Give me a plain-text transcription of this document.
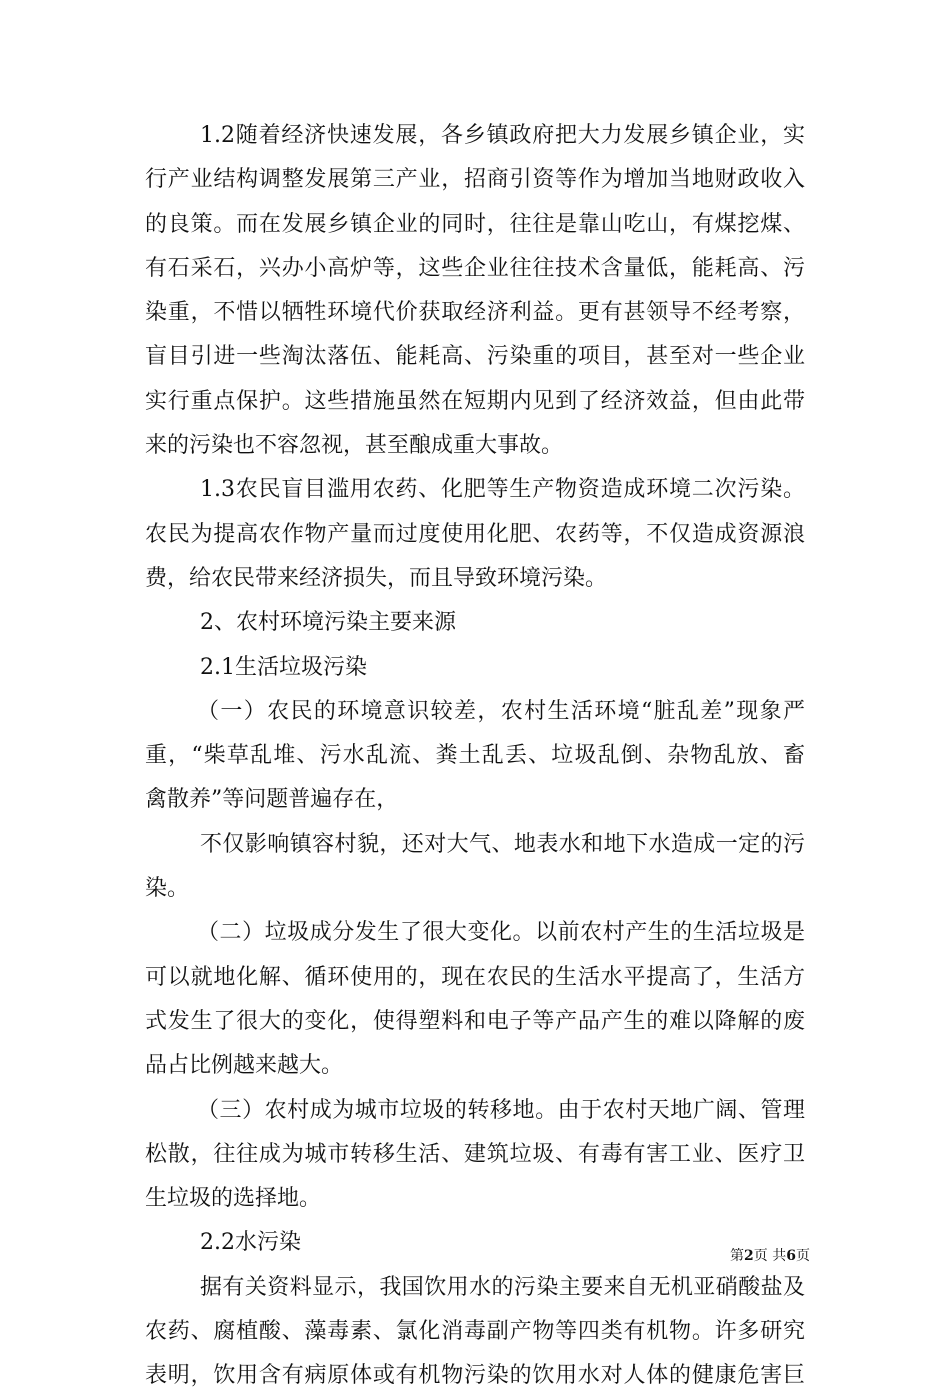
1.2随着经济快速发展，各乡镇政府把大力发展乡镇企业，实
行产业结构调整发展第三产业，招商引资等作为增加当地财政收入
的良策。而在发展乡镇企业的同时，往往是靠山吃山，有煤挖煤、
有石采石，兴办小高炉等，这些企业往往技术含量低，能耗高、污
染重，不惜以牺牲环境代价获取经济利益。更有甚领导不经考察，
盲目引进一些淘汰落伍、能耗高、污染重的项目，甚至对一些企业
实行重点保护。这些措施虽然在短期内见到了经济效益，但由此带
来的污染也不容忽视，甚至酿成重大事故。
1.3农民盲目滥用农药、化肥等生产物资造成环境二次污染。
农民为提高农作物产量而过度使用化肥、农药等，不仅造成资源浪
费，给农民带来经济损失，而且导致环境污染。
2、农村环境污染主要来源
2.1生活垃圾污染
（一）农民的环境意识较差，农村生活环境“脏乱差”现象严
重，“柴草乱堆、污水乱流、粪土乱丢、垃圾乱倒、杂物乱放、畜
禽散养”等问题普遍存在，
不仅影响镇容村貌，还对大气、地表水和地下水造成一定的污
染。
（二）垃圾成分发生了很大变化。以前农村产生的生活垃圾是
可以就地化解、循环使用的，现在农民的生活水平提高了，生活方
式发生了很大的变化，使得塑料和电子等产品产生的难以降解的废
品占比例越来越大。
（三）农村成为城市垃圾的转移地。由于农村天地广阔、管理
松散，往往成为城市转移生活、建筑垃圾、有毒有害工业、医疗卫
生垃圾的选择地。
2.2水污染
据有关资料显示，我国饮用水的污染主要来自无机亚硝酸盐及
农药、腐植酸、藻毒素、氯化消毒副产物等四类有机物。许多研究
表明，饮用含有病原体或有机物污染的饮用水对人体的健康危害巨
第2页 共6页
